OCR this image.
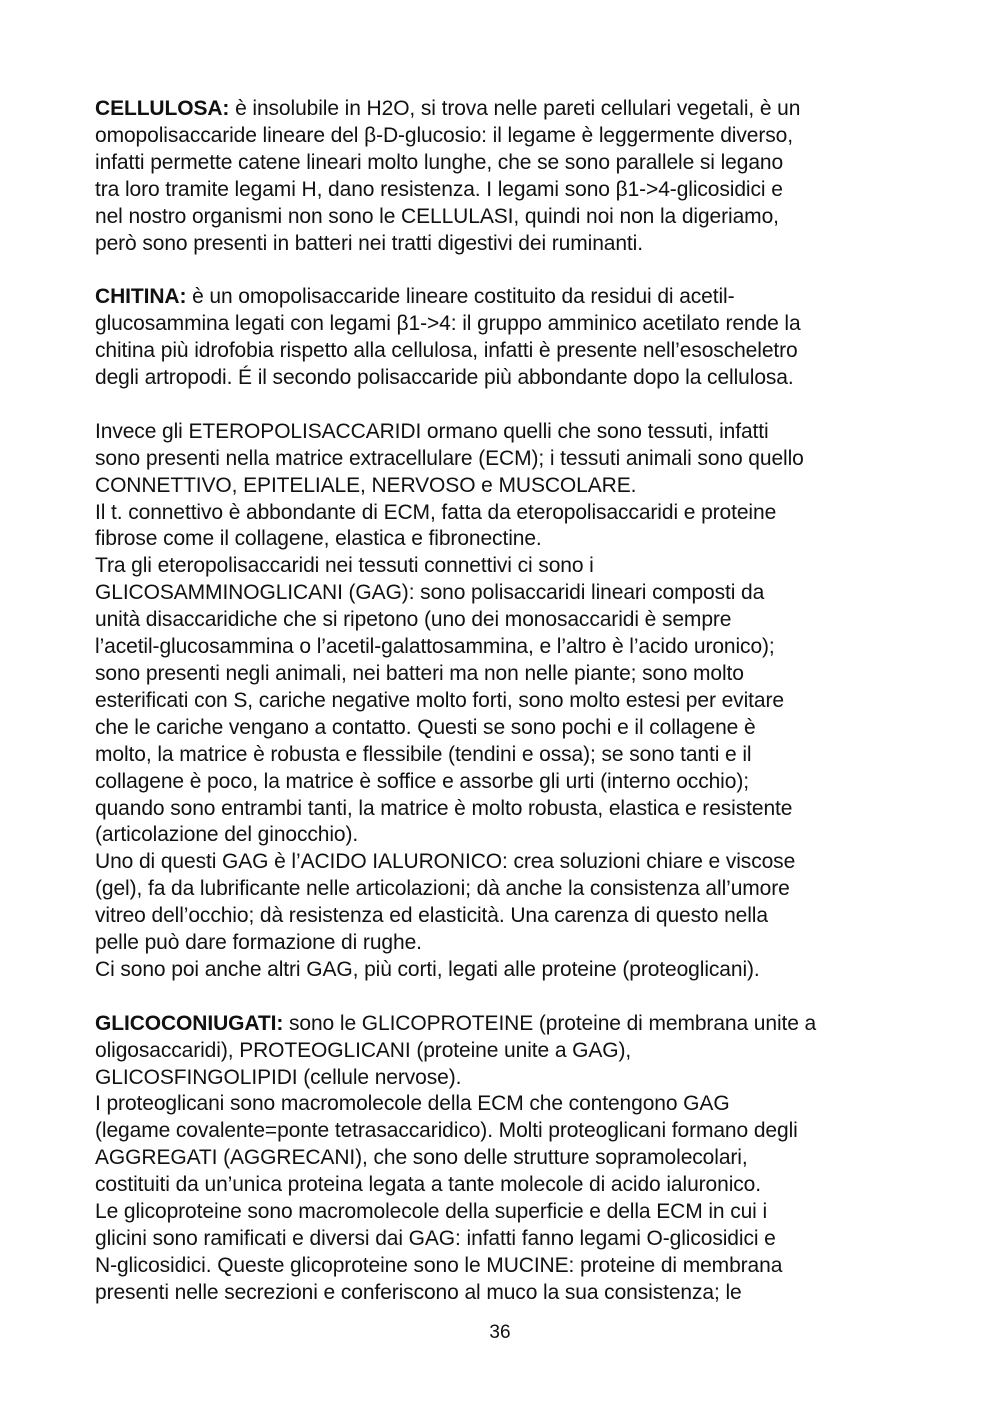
CELLULOSA: è insolubile in H2O, si trova nelle pareti cellulari vegetali, è un
omopolisaccaride lineare del β-D-glucosio: il legame è leggermente diverso,
infatti permette catene lineari molto lunghe, che se sono parallele si legano
tra loro tramite legami H, dano resistenza. I legami sono β1->4-glicosidici e
nel nostro organismi non sono le CELLULASI, quindi noi non la digeriamo,
però sono presenti in batteri nei tratti digestivi dei ruminanti.
CHITINA: è un omopolisaccaride lineare costituito da residui di acetil-
glucosammina legati con legami β1->4: il gruppo amminico acetilato rende la
chitina più idrofobia rispetto alla cellulosa, infatti è presente nell’esoscheletro
degli artropodi. É il secondo polisaccaride più abbondante dopo la cellulosa.
Invece gli ETEROPOLISACCARIDI ormano quelli che sono tessuti, infatti
sono presenti nella matrice extracellulare (ECM); i tessuti animali sono quello
CONNETTIVO, EPITELIALE, NERVOSO e MUSCOLARE.
Il t. connettivo è abbondante di ECM, fatta da eteropolisaccaridi e proteine
fibrose come il collagene, elastica e fibronectine.
Tra gli eteropolisaccaridi nei tessuti connettivi ci sono i
GLICOSAMMINOGLICANI (GAG): sono polisaccaridi lineari composti da
unità disaccaridiche che si ripetono (uno dei monosaccaridi è sempre
l’acetil-glucosammina o l’acetil-galattosammina, e l’altro è l’acido uronico);
sono presenti negli animali, nei batteri ma non nelle piante; sono molto
esterificati con S, cariche negative molto forti, sono molto estesi per evitare
che le cariche vengano a contatto. Questi se sono pochi e il collagene è
molto, la matrice è robusta e flessibile (tendini e ossa); se sono tanti e il
collagene è poco, la matrice è soffice e assorbe gli urti (interno occhio);
quando sono entrambi tanti, la matrice è molto robusta, elastica e resistente
(articolazione del ginocchio).
Uno di questi GAG è l’ACIDO IALURONICO: crea soluzioni chiare e viscose
(gel), fa da lubrificante nelle articolazioni; dà anche la consistenza all’umore
vitreo dell’occhio; dà resistenza ed elasticità. Una carenza di questo nella
pelle può dare formazione di rughe.
Ci sono poi anche altri GAG, più corti, legati alle proteine (proteoglicani).
GLICOCONIUGATI: sono le GLICOPROTEINE (proteine di membrana unite a
oligosaccaridi), PROTEOGLICANI (proteine unite a GAG),
GLICOSFINGOLIPIDI (cellule nervose).
I proteoglicani sono macromolecole della ECM che contengono GAG
(legame covalente=ponte tetrasaccaridico). Molti proteoglicani formano degli
AGGREGATI (AGGRECANI), che sono delle strutture sopramolecolari,
costituiti da un’unica proteina legata a tante molecole di acido ialuronico.
Le glicoproteine sono macromolecole della superficie e della ECM in cui i
glicini sono ramificati e diversi dai GAG: infatti fanno legami O-glicosidici e
N-glicosidici. Queste glicoproteine sono le MUCINE: proteine di membrana
presenti nelle secrezioni e conferiscono al muco la sua consistenza; le
36
